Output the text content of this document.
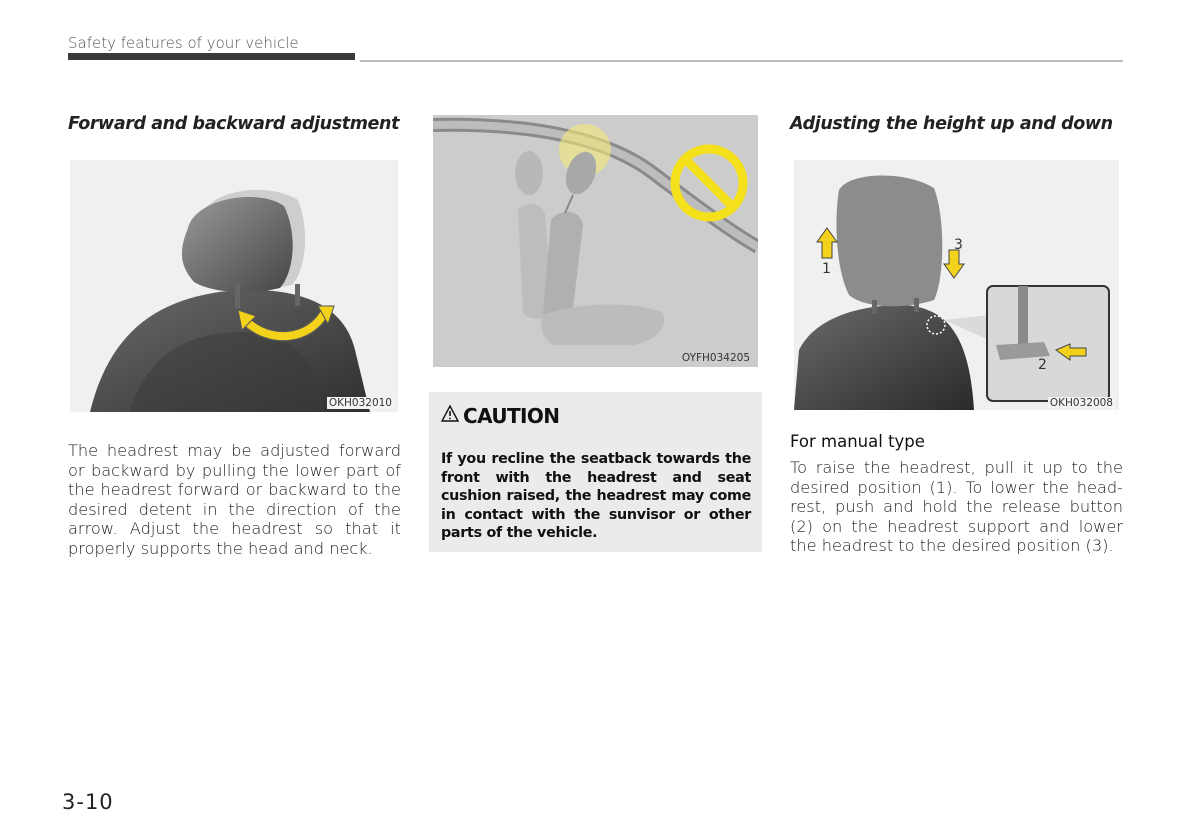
Safety features of your vehicle
Forward and backward adjustment
OKH032010
The headrest may be adjusted forward or backward by pulling the lower part of the headrest forward or backward to the desired detent in the direction of the arrow. Adjust the headrest so that it properly supports the head and neck.
OYFH034205
CAUTION
If you recline the seatback towards the front with the headrest and seat cushion raised, the headrest may come in contact with the sunvisor or other parts of the vehicle.
Adjusting the height up and down
1
3
2
OKH032008
For manual type
To raise the headrest, pull it up to the desired position (1). To lower the head-rest, push and hold the release button (2) on the headrest support and lower the headrest to the desired position (3).
3-10
